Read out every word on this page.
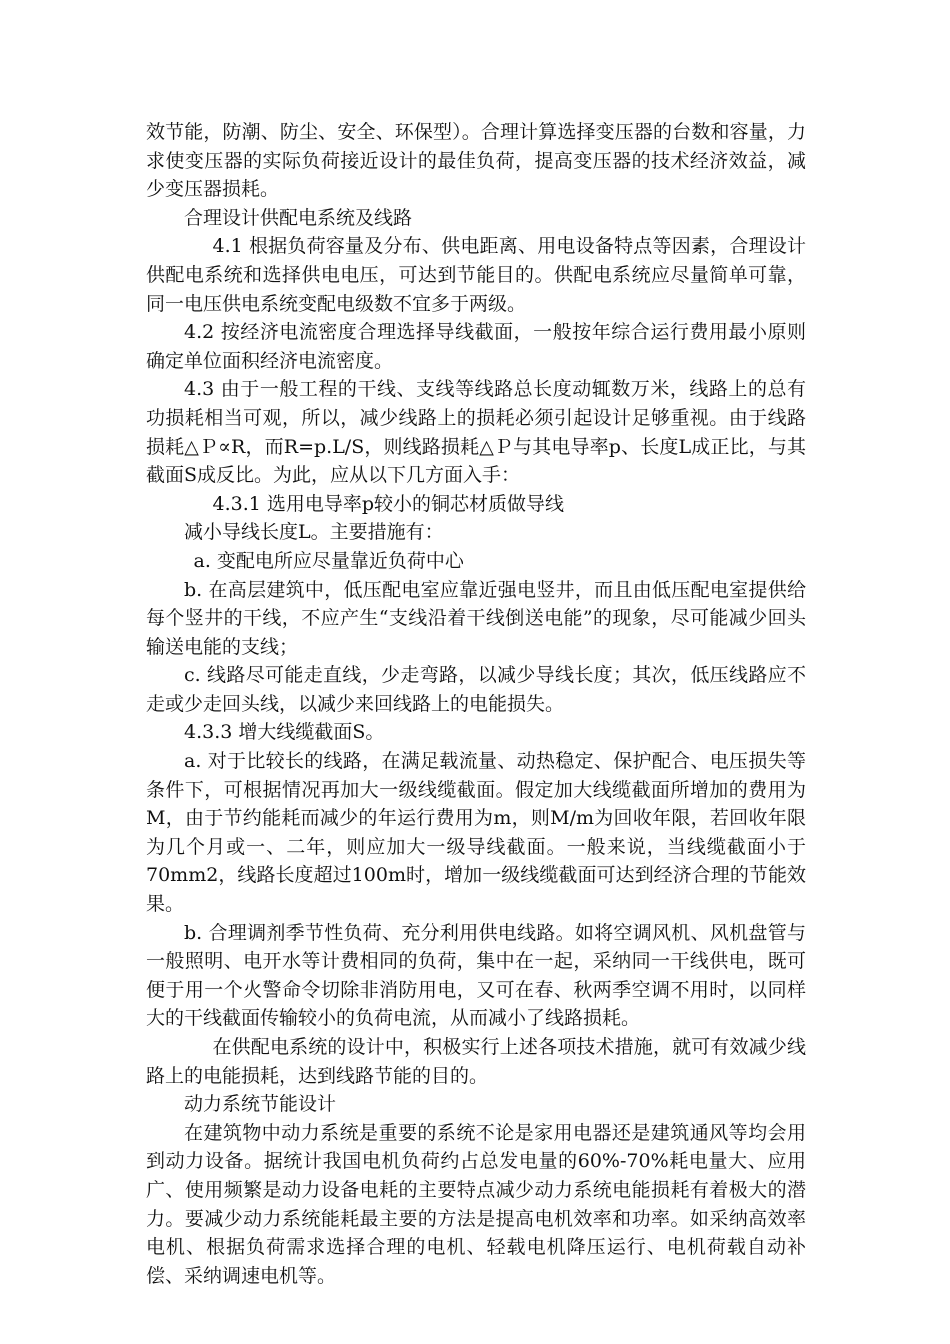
效节能，防潮、防尘、安全、环保型）。合理计算选择变压器的台数和容量，力求使变压器的实际负荷接近设计的最佳负荷，提高变压器的技术经济效益，减少变压器损耗。

合理设计供配电系统及线路

4.1 根据负荷容量及分布、供电距离、用电设备特点等因素，合理设计供配电系统和选择供电电压，可达到节能目的。供配电系统应尽量简单可靠，同一电压供电系统变配电级数不宜多于两级。

4.2 按经济电流密度合理选择导线截面，一般按年综合运行费用最小原则确定单位面积经济电流密度。

4.3 由于一般工程的干线、支线等线路总长度动辄数万米，线路上的总有功损耗相当可观，所以，减少线路上的损耗必须引起设计足够重视。由于线路损耗△Ｐ∝R，而R=p.L/S，则线路损耗△Ｐ与其电导率p、长度L成正比，与其截面S成反比。为此，应从以下几方面入手：

4.3.1 选用电导率p较小的铜芯材质做导线

减小导线长度L。主要措施有：

a. 变配电所应尽量靠近负荷中心

b. 在高层建筑中，低压配电室应靠近强电竖井，而且由低压配电室提供给每个竖井的干线，不应产生“支线沿着干线倒送电能”的现象，尽可能减少回头输送电能的支线；

c. 线路尽可能走直线，少走弯路，以减少导线长度；其次，低压线路应不走或少走回头线，以减少来回线路上的电能损失。

4.3.3 增大线缆截面S。

a. 对于比较长的线路，在满足载流量、动热稳定、保护配合、电压损失等条件下，可根据情况再加大一级线缆截面。假定加大线缆截面所增加的费用为M，由于节约能耗而减少的年运行费用为m，则M/m为回收年限，若回收年限为几个月或一、二年，则应加大一级导线截面。一般来说，当线缆截面小于70mm2，线路长度超过100m时，增加一级线缆截面可达到经济合理的节能效果。

b. 合理调剂季节性负荷、充分利用供电线路。如将空调风机、风机盘管与一般照明、电开水等计费相同的负荷，集中在一起，采纳同一干线供电，既可便于用一个火警命令切除非消防用电，又可在春、秋两季空调不用时，以同样大的干线截面传输较小的负荷电流，从而减小了线路损耗。

在供配电系统的设计中，积极实行上述各项技术措施，就可有效减少线路上的电能损耗，达到线路节能的目的。

动力系统节能设计

在建筑物中动力系统是重要的系统不论是家用电器还是建筑通风等均会用到动力设备。据统计我国电机负荷约占总发电量的60%-70%耗电量大、应用广、使用频繁是动力设备电耗的主要特点减少动力系统电能损耗有着极大的潜力。要减少动力系统能耗最主要的方法是提高电机效率和功率。如采纳高效率电机、根据负荷需求选择合理的电机、轻载电机降压运行、电机荷载自动补偿、采纳调速电机等。
